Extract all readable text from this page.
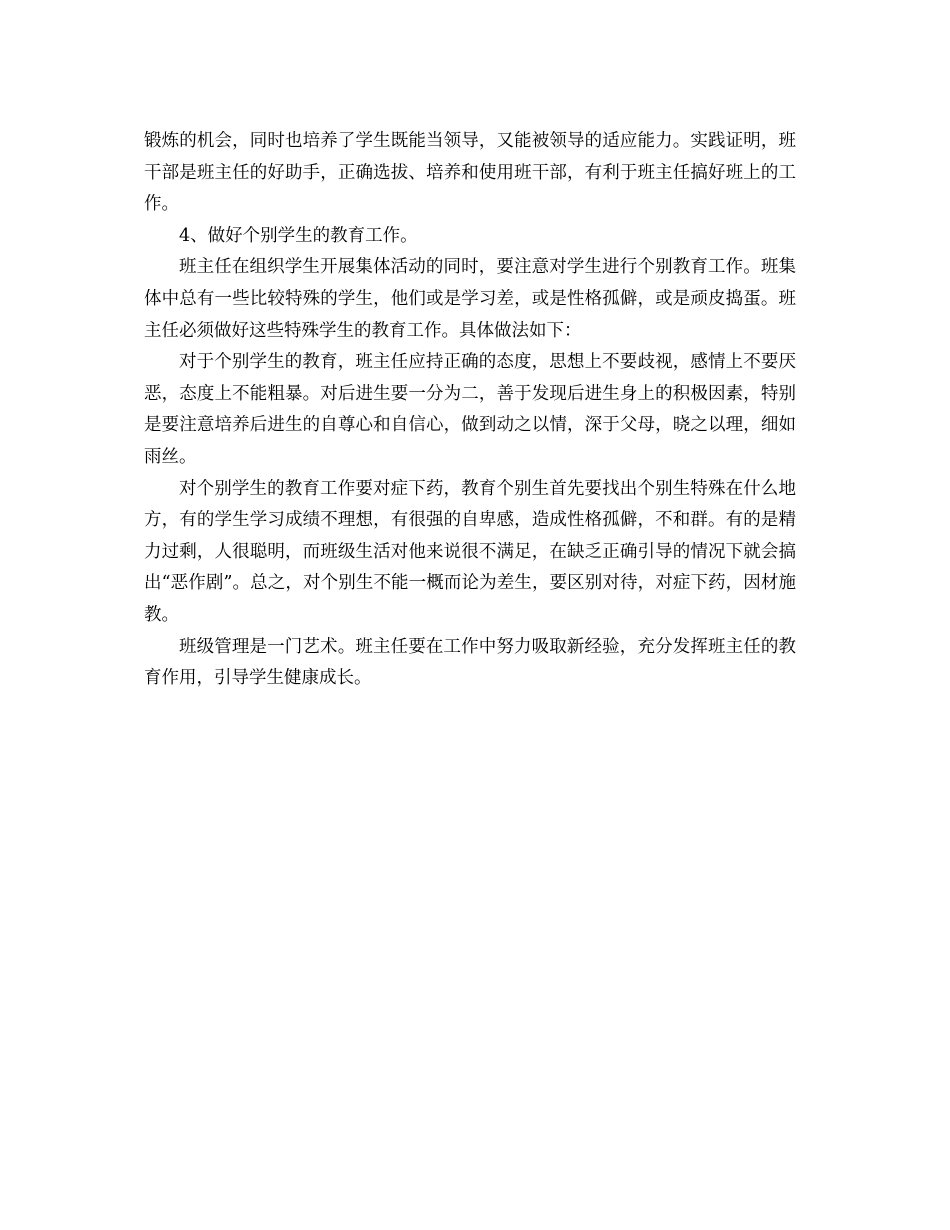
锻炼的机会，同时也培养了学生既能当领导，又能被领导的适应能力。实践证明，班干部是班主任的好助手，正确选拔、培养和使用班干部，有利于班主任搞好班上的工作。

4、做好个别学生的教育工作。

班主任在组织学生开展集体活动的同时，要注意对学生进行个别教育工作。班集体中总有一些比较特殊的学生，他们或是学习差，或是性格孤僻，或是顽皮捣蛋。班主任必须做好这些特殊学生的教育工作。具体做法如下：

对于个别学生的教育，班主任应持正确的态度，思想上不要歧视，感情上不要厌恶，态度上不能粗暴。对后进生要一分为二，善于发现后进生身上的积极因素，特别是要注意培养后进生的自尊心和自信心，做到动之以情，深于父母，晓之以理，细如雨丝。

对个别学生的教育工作要对症下药，教育个别生首先要找出个别生特殊在什么地方，有的学生学习成绩不理想，有很强的自卑感，造成性格孤僻，不和群。有的是精力过剩，人很聪明，而班级生活对他来说很不满足，在缺乏正确引导的情况下就会搞出“恶作剧”。总之，对个别生不能一概而论为差生，要区别对待，对症下药，因材施教。

班级管理是一门艺术。班主任要在工作中努力吸取新经验，充分发挥班主任的教育作用，引导学生健康成长。
